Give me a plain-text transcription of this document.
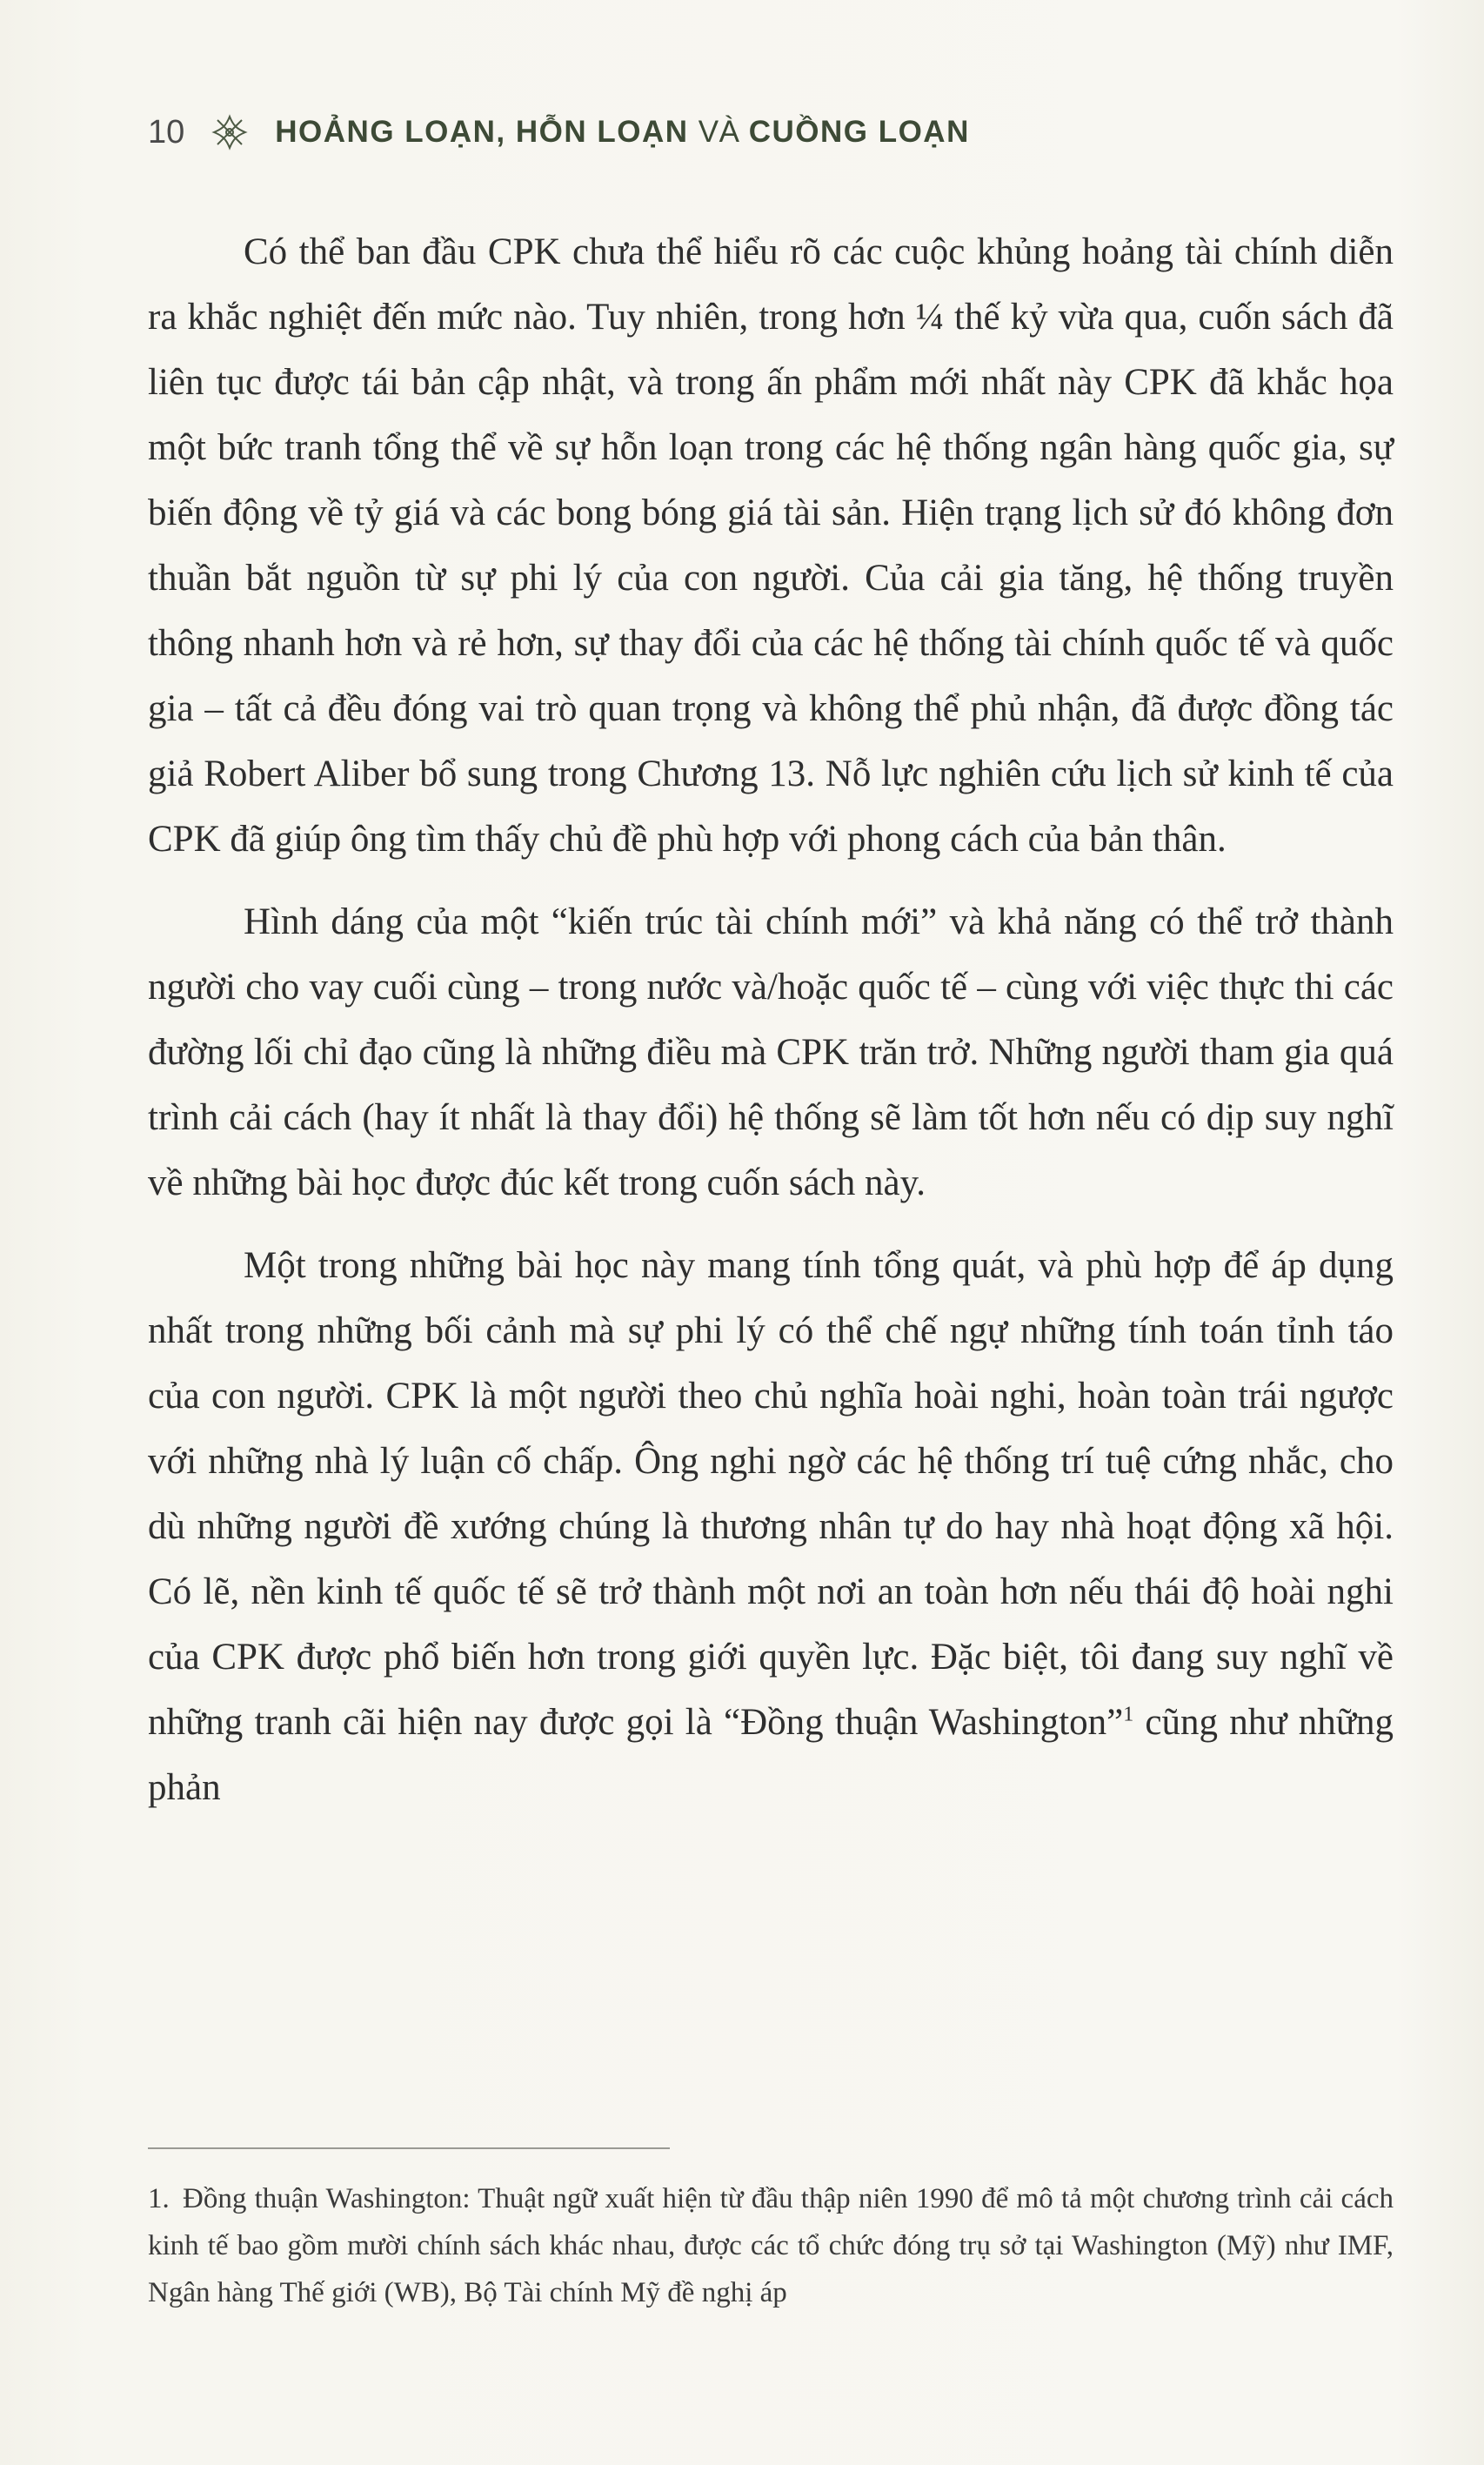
10	HOẢNG LOẠN, HỖN LOẠN VÀ CUỒNG LOẠN

Có thể ban đầu CPK chưa thể hiểu rõ các cuộc khủng hoảng tài chính diễn ra khắc nghiệt đến mức nào. Tuy nhiên, trong hơn ¼ thế kỷ vừa qua, cuốn sách đã liên tục được tái bản cập nhật, và trong ấn phẩm mới nhất này CPK đã khắc họa một bức tranh tổng thể về sự hỗn loạn trong các hệ thống ngân hàng quốc gia, sự biến động về tỷ giá và các bong bóng giá tài sản. Hiện trạng lịch sử đó không đơn thuần bắt nguồn từ sự phi lý của con người. Của cải gia tăng, hệ thống truyền thông nhanh hơn và rẻ hơn, sự thay đổi của các hệ thống tài chính quốc tế và quốc gia – tất cả đều đóng vai trò quan trọng và không thể phủ nhận, đã được đồng tác giả Robert Aliber bổ sung trong Chương 13. Nỗ lực nghiên cứu lịch sử kinh tế của CPK đã giúp ông tìm thấy chủ đề phù hợp với phong cách của bản thân.

Hình dáng của một “kiến trúc tài chính mới” và khả năng có thể trở thành người cho vay cuối cùng – trong nước và/hoặc quốc tế – cùng với việc thực thi các đường lối chỉ đạo cũng là những điều mà CPK trăn trở. Những người tham gia quá trình cải cách (hay ít nhất là thay đổi) hệ thống sẽ làm tốt hơn nếu có dịp suy nghĩ về những bài học được đúc kết trong cuốn sách này.

Một trong những bài học này mang tính tổng quát, và phù hợp để áp dụng nhất trong những bối cảnh mà sự phi lý có thể chế ngự những tính toán tỉnh táo của con người. CPK là một người theo chủ nghĩa hoài nghi, hoàn toàn trái ngược với những nhà lý luận cố chấp. Ông nghi ngờ các hệ thống trí tuệ cứng nhắc, cho dù những người đề xướng chúng là thương nhân tự do hay nhà hoạt động xã hội. Có lẽ, nền kinh tế quốc tế sẽ trở thành một nơi an toàn hơn nếu thái độ hoài nghi của CPK được phổ biến hơn trong giới quyền lực. Đặc biệt, tôi đang suy nghĩ về những tranh cãi hiện nay được gọi là “Đồng thuận Washington”$^1$ cũng như những phản

1. Đồng thuận Washington: Thuật ngữ xuất hiện từ đầu thập niên 1990 để mô tả một chương trình cải cách kinh tế bao gồm mười chính sách khác nhau, được các tổ chức đóng trụ sở tại Washington (Mỹ) như IMF, Ngân hàng Thế giới (WB), Bộ Tài chính Mỹ đề nghị áp
